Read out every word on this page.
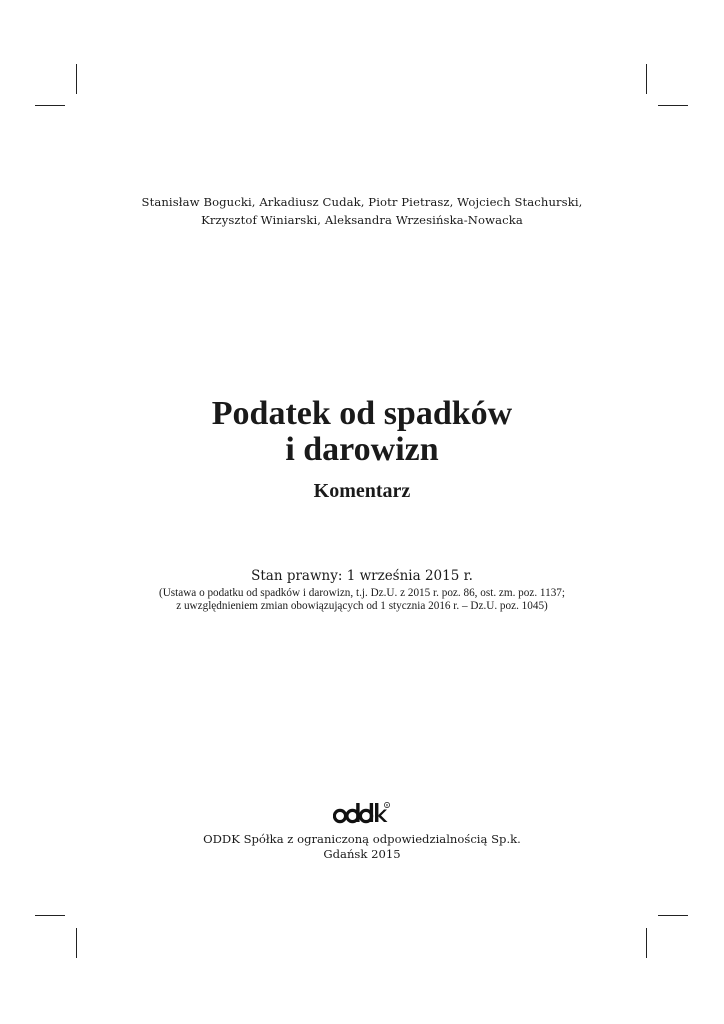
Stanisław Bogucki, Arkadiusz Cudak, Piotr Pietrasz, Wojciech Stachurski,
Krzysztof Winiarski, Aleksandra Wrzesińska-Nowacka
Podatek od spadków
i darowizn
Komentarz
Stan prawny: 1 września 2015 r.
(Ustawa o podatku od spadków i darowizn, t.j. Dz.U. z 2015 r. poz. 86, ost. zm. poz. 1137;
z uwzględnieniem zmian obowiązujących od 1 stycznia 2016 r. – Dz.U. poz. 1045)
R
ODDK Spółka z ograniczoną odpowiedzialnością Sp.k.
Gdańsk 2015
